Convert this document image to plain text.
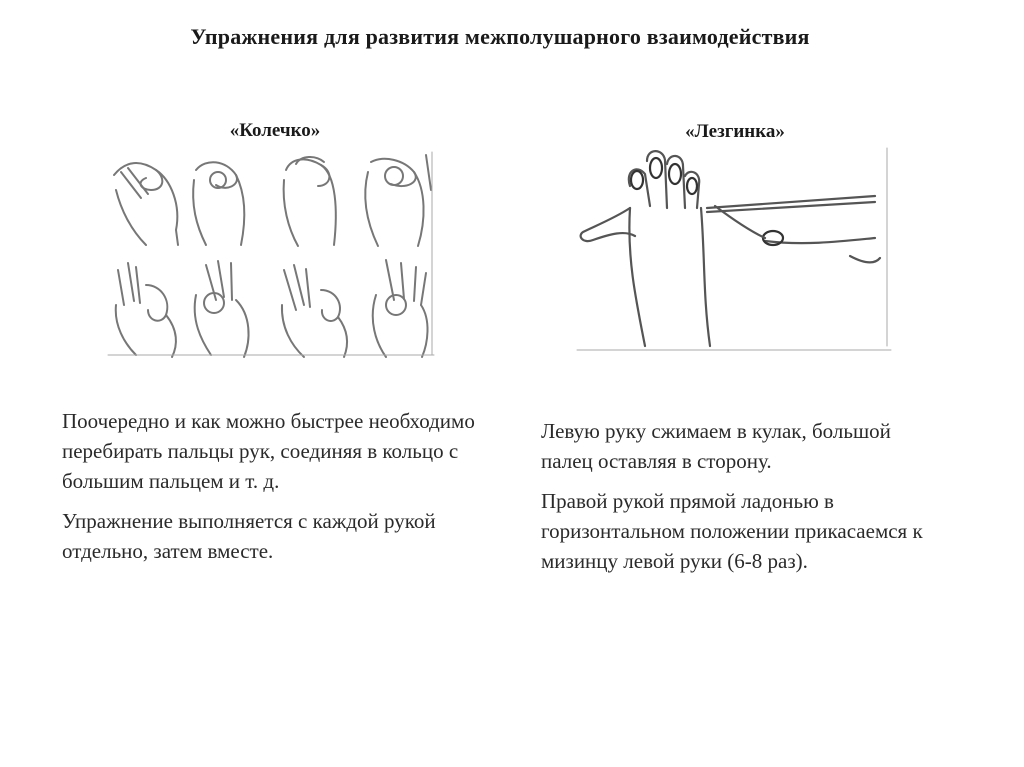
Упражнения для развития межполушарного взаимодействия
«Колечко»	«Лезгинка»

Поочередно и как можно быстрее необходимо перебирать пальцы рук, соединяя в кольцо с большим пальцем и т. д.

Упражнение выполняется с каждой рукой отдельно, затем вместе.

Левую руку сжимаем в кулак, большой палец оставляя в сторону.

Правой рукой прямой ладонью в горизонтальном положении прикасаемся к мизинцу левой руки (6-8 раз).
